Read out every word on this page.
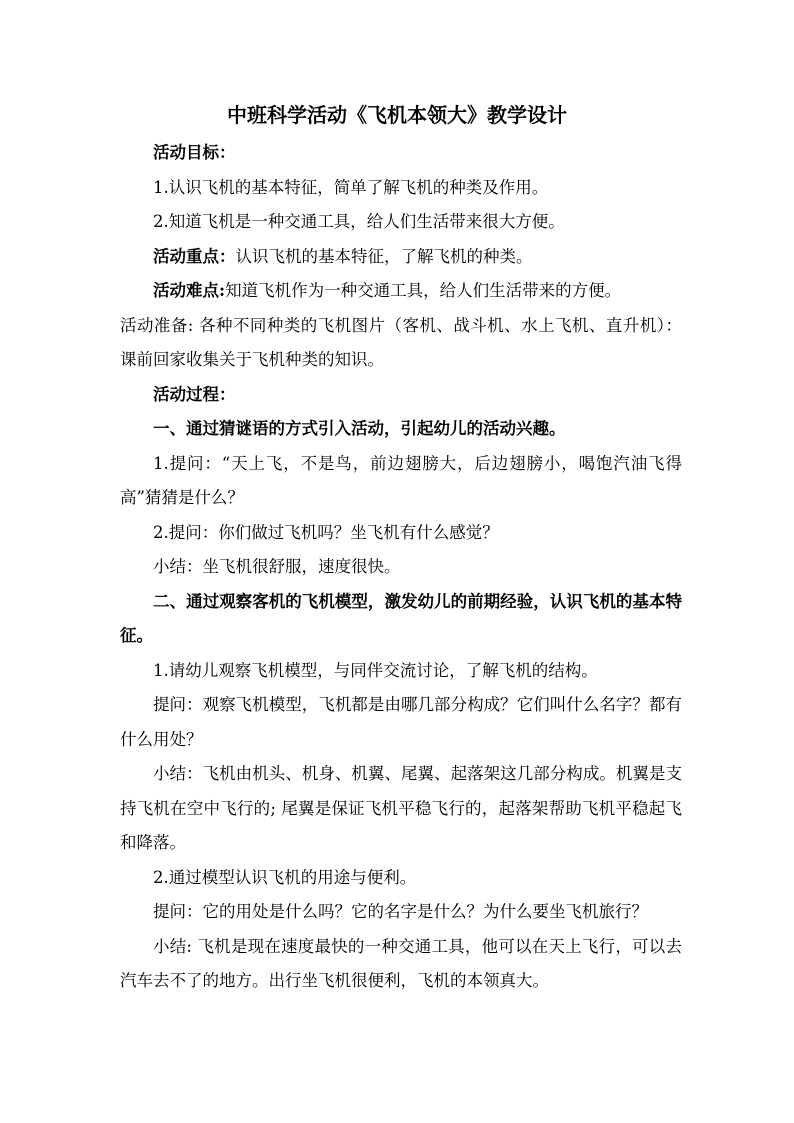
中班科学活动《飞机本领大》教学设计

活动目标：

1.认识飞机的基本特征，简单了解飞机的种类及作用。

2.知道飞机是一种交通工具，给人们生活带来很大方便。

活动重点：认识飞机的基本特征，了解飞机的种类。

活动难点:知道飞机作为一种交通工具，给人们生活带来的方便。

活动准备: 各种不同种类的飞机图片（客机、战斗机、水上飞机、直升机）：课前回家收集关于飞机种类的知识。

活动过程：

一、通过猜谜语的方式引入活动，引起幼儿的活动兴趣。

1.提问：“天上飞，不是鸟，前边翅膀大，后边翅膀小，喝饱汽油飞得高”猜猜是什么？

2.提问：你们做过飞机吗？坐飞机有什么感觉？

小结：坐飞机很舒服，速度很快。

二、通过观察客机的飞机模型，激发幼儿的前期经验，认识飞机的基本特征。

1.请幼儿观察飞机模型，与同伴交流讨论，了解飞机的结构。

提问：观察飞机模型，飞机都是由哪几部分构成？它们叫什么名字？都有什么用处？

小结：飞机由机头、机身、机翼、尾翼、起落架这几部分构成。机翼是支持飞机在空中飞行的; 尾翼是保证飞机平稳飞行的，起落架帮助飞机平稳起飞和降落。

2.通过模型认识飞机的用途与便利。

提问：它的用处是什么吗？它的名字是什么？为什么要坐飞机旅行？

小结: 飞机是现在速度最快的一种交通工具，他可以在天上飞行，可以去汽车去不了的地方。出行坐飞机很便利，飞机的本领真大。
